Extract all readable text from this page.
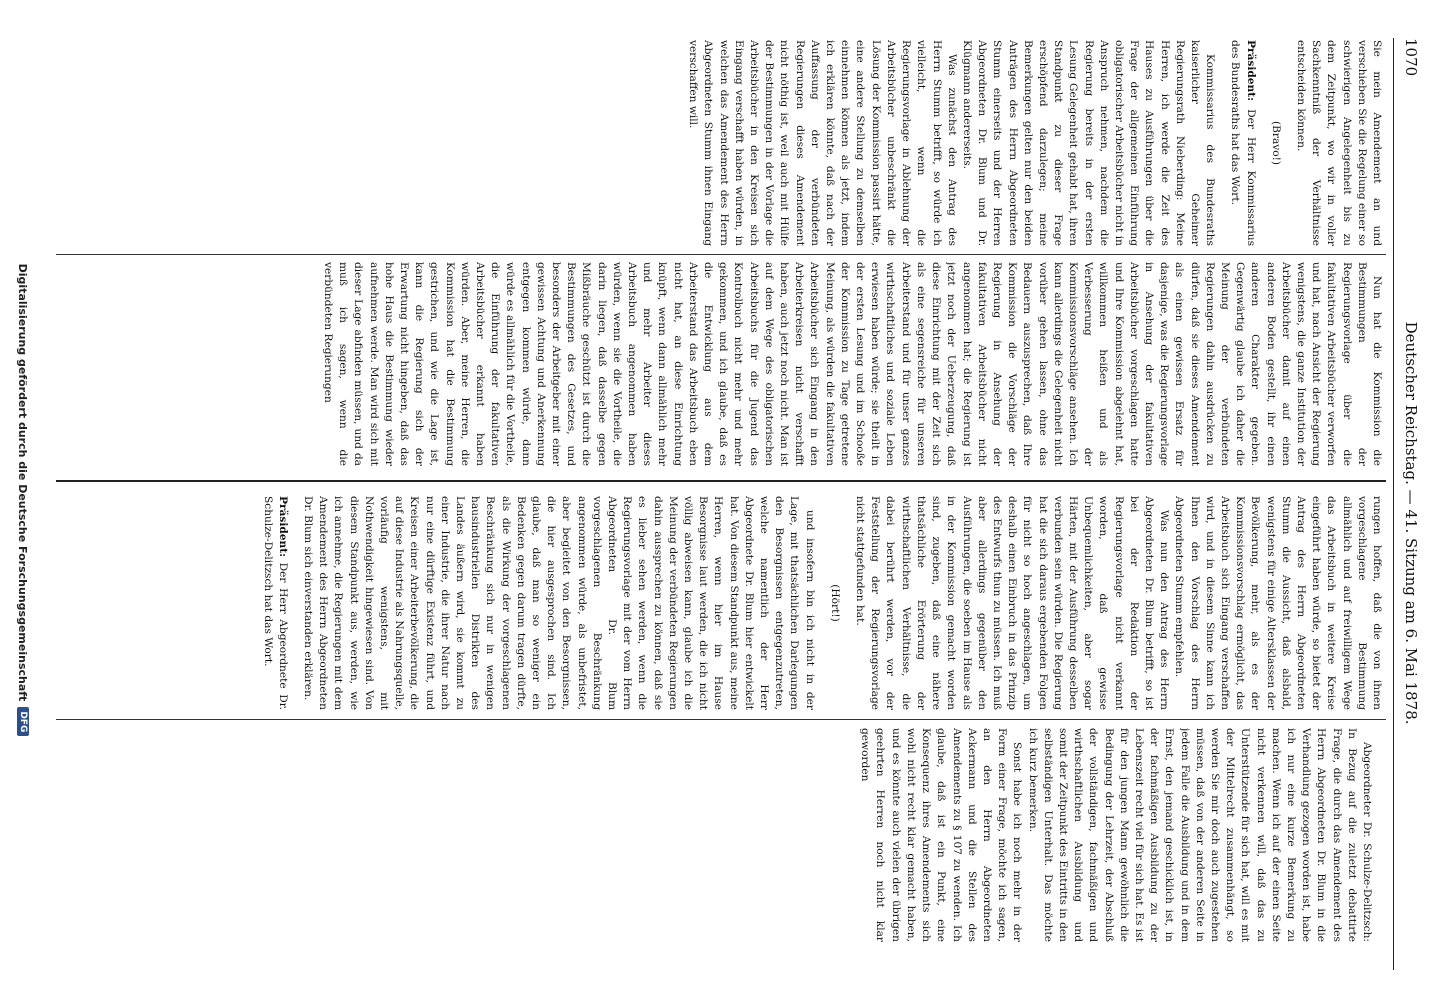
1070
Deutscher Reichstag. — 41. Sitzung am 6. Mai 1878.

Sie mein Amendement an und verschieben Sie die Regelung einer so schwierigen Angelegenheit bis zu dem Zeitpunkt, wo wir in voller Sachkenntniß der Verhältnisse entscheiden können.

(Bravo!)

Präsident: Der Herr Kommissarius des Bundesraths hat das Wort.

Kommissarius des Bundesraths kaiserlicher Geheimer Regierungsrath Nieberding: Meine Herren, ich werde die Zeit des Hauses zu Ausführungen über die Frage der allgemeinen Einführung obligatorischer Arbeitsbücher nicht in Anspruch nehmen, nachdem die Regierung bereits in der ersten Lesung Gelegenheit gehabt hat, ihren Standpunkt zu dieser Frage erschöpfend darzulegen; meine Bemerkungen gelten nur den beiden Anträgen des Herrn Abgeordneten Stumm einerseits und der Herren Abgeordneten Dr. Blum und Dr. Klügmann andererseits.

Was zunächst den Antrag des Herrn Stumm betrifft, so würde ich vielleicht, wenn die Regierungsvorlage in Ablehnung der Arbeitsbücher unbeschränkt die Lösung der Kommission passirt hätte, eine andere Stellung zu demselben einnehmen können als jetzt, indem ich erklären könnte, daß nach der Auffassung der verbündeten Regierungen dieses Amendement nicht nöthig ist, weil auch mit Hülfe der Bestimmungen in der Vorlage die Arbeitsbücher in den Kreisen sich Eingang verschafft haben würden, in welchen das Amendement des Herrn Abgeordneten Stumm ihnen Eingang verschaffen will.

Nun hat die Kommission die Bestimmungen der Regierungsvorlage über die fakultativen Arbeitsbücher verworfen und hat, nach Ansicht der Regierung wenigstens, die ganze Institution der Arbeitsbücher damit auf einen anderen Boden gestellt, ihr einen anderen Charakter gegeben. Gegenwärtig glaube ich daher die Meinung der verbündeten Regierungen dahin ausdrücken zu dürfen, daß sie dieses Amendement als einen gewissen Ersatz für dasjenige, was die Regierungsvorlage in Ansehung der fakultativen Arbeitsbücher vorgeschlagen hatte und Ihre Kommission abgelehnt hat, willkommen heißen und als Verbesserung der Kommissionsvorschläge ansehen. Ich kann allerdings die Gelegenheit nicht vorüber gehen lassen, ohne das Bedauern auszusprechen, daß Ihre Kommission die Vorschläge der Regierung in Ansehung der fakultativen Arbeitsbücher nicht angenommen hat; die Regierung ist jetzt noch der Ueberzeugung, daß diese Einrichtung mit der Zeit sich als eine segensreiche für unseren Arbeiterstand und für unser ganzes wirthschaftliches und soziale Leben erwiesen haben würde; sie theilt in der ersten Lesung und im Schooße der Kommission zu Tage getretene Meinung, als würden die fakultativen Arbeitsbücher sich Eingang in den Arbeiterkreisen nicht verschafft haben, auch jetzt noch nicht. Man ist auf dem Wege des obligatorischen Arbeitsbuchs für die Jugend das Kontrolbuch nicht mehr und mehr gekommen, und ich glaube, daß es die Entwicklung aus dem Arbeiterstand das Arbeitsbuch eben nicht hat, an diese Einrichtung knüpft, wenn dann allmählich mehr und mehr Arbeiter dieses Arbeitsbuch angenommen haben würden, wenn sie die Vortheile, die darin liegen, daß dasselbe gegen Mißbräuche geschützt ist durch die Bestimmungen des Gesetzes, und besonders der Arbeitgeber mit einer gewissen Achtung und Anerkennung entgegen kommen würde, dann würde es allmählich für die Vortheile, die Einführung der fakultativen Arbeitsbücher erkannt haben würden. Aber, meine Herren, die Kommission hat die Bestimmung gestrichen, und wie die Lage ist, kann die Regierung sich der Erwartung nicht hingeben, daß das hohe Haus die Bestimmung wieder aufnehmen werde. Man wird sich mit dieser Lage abfinden müssen, und da muß ich sagen, wenn die verbündeten Regierungen

rungen hoffen, daß die von ihnen vorgeschlagene Bestimmung allmählich und auf freiwilligem Wege das Arbeitsbuch in weitere Kreise eingeführt haben würde, so bietet der Antrag des Herrn Abgeordneten Stumm die Aussicht, daß alsbald, wenigstens für einige Altersklassen der Bevölkerung, mehr, als es der Kommissionsvorschlag ermöglicht, das Arbeitsbuch sich Eingang verschaffen wird, und in diesem Sinne kann ich Ihnen den Vorschlag des Herrn Abgeordneten Stumm empfehlen.

Was nun den Antrag des Herrn Abgeordneten Dr. Blum betrifft, so ist bei der Redaktion der Regierungsvorlage nicht verkannt worden, daß gewisse Unbequemlichkeiten, aber sogar Härten, mit der Ausführung desselben verbunden sein würden. Die Regierung hat die sich daraus ergebenden Folgen für nicht so hoch angeschlagen, um deshalb einen Einbruch in das Prinzip des Entwurfs thun zu müssen. Ich muß aber allerdings gegenüber den Ausführungen, die soeben im Hause als in der Kommission gemacht worden sind, zugeben, daß eine nähere thatsächliche Erörterung der wirthschaftlichen Verhältnisse, die dabei berührt werden, vor der Feststellung der Regierungsvorlage nicht stattgefunden hat.

(Hört!)

und insofern bin ich nicht in der Lage, mit thatsächlichen Darlegungen den Besorgnissen entgegenzutreten, welche namentlich der Herr Abgeordnete Dr. Blum hier entwickelt hat. Von diesem Standpunkt aus, meine Herren, wenn hier im Hause Besorgnisse laut werden, die ich nicht völlig abweisen kann, glaube ich die Meinung der verbündeten Regierungen dahin aussprechen zu können, daß sie es lieber sehen werden, wenn die Regierungsvorlage mit der vom Herrn Abgeordneten Dr. Blum vorgeschlagenen Beschränkung angenommen würde, als unbefristet, aber begleitet von den Besorgnissen, die hier ausgesprochen sind. Ich glaube, daß man so weniger ein Bedenken gegen darum tragen dürfte, als die Wirkung der vorgeschlagenen Beschränkung sich nur in wenigen hausindustriellen Distrikten des Landes äußern wird, sie kommt zu einer Industrie, die ihrer Natur nach nur eine dürftige Existenz führt, und Kreisen einer Arbeiterbevölkerung, die auf diese Industrie als Nahrungsquelle, vorläufig wenigstens, mit Nothwendigkeit hingewiesen sind. Von diesem Standpunkt aus, werden, wie ich annehme, die Regierungen mit dem Amendement des Herrn Abgeordneten Dr. Blum sich einverstanden erklären.

Präsident: Der Herr Abgeordnete Dr. Schulze-Delitzsch hat das Wort.

Abgeordneter Dr. Schulze-Delitzsch: In Bezug auf die zuletzt debattirte Frage, die durch das Amendement des Herrn Abgeordneten Dr. Blum in die Verhandlung gezogen worden ist, habe ich nur eine kurze Bemerkung zu machen. Wenn ich auf der einen Seite nicht verkennen will, daß das zu Unterstützende für sich hat, will es mit der Mittelrecht zusammenhängt, so werden Sie mir doch auch zugestehen müssen, daß von der anderen Seite in jedem Falle die Ausbildung und in dem Ernst, den jemand geschicklich ist, in der fachmäßigen Ausbildung zu der Lebenszeit recht viel für sich hat. Es ist für den jungen Mann gewöhnlich die Bedingung der Lehrzeit, der Abschluß der vollständigen, fachmäßigen und wirthschaftlichen Ausbildung und somit der Zeitpunkt des Eintritts in den selbständigen Unterhalt. Das möchte ich kurz bemerken.

Sonst habe ich noch mehr in der Form einer Frage, möchte ich sagen, an den Herrn Abgeordneten Ackermann und die Stellen des Amendements zu § 107 zu wenden. Ich glaube, daß ist ein Punkt, eine Konsequenz ihres Amendements sich wohl nicht recht klar gemacht haben, und es könnte auch vielen der übrigen geehrten Herren noch nicht klar geworden

Digitalisierung gefördert durch die Deutsche Forschungsgemeinschaft
DFG
